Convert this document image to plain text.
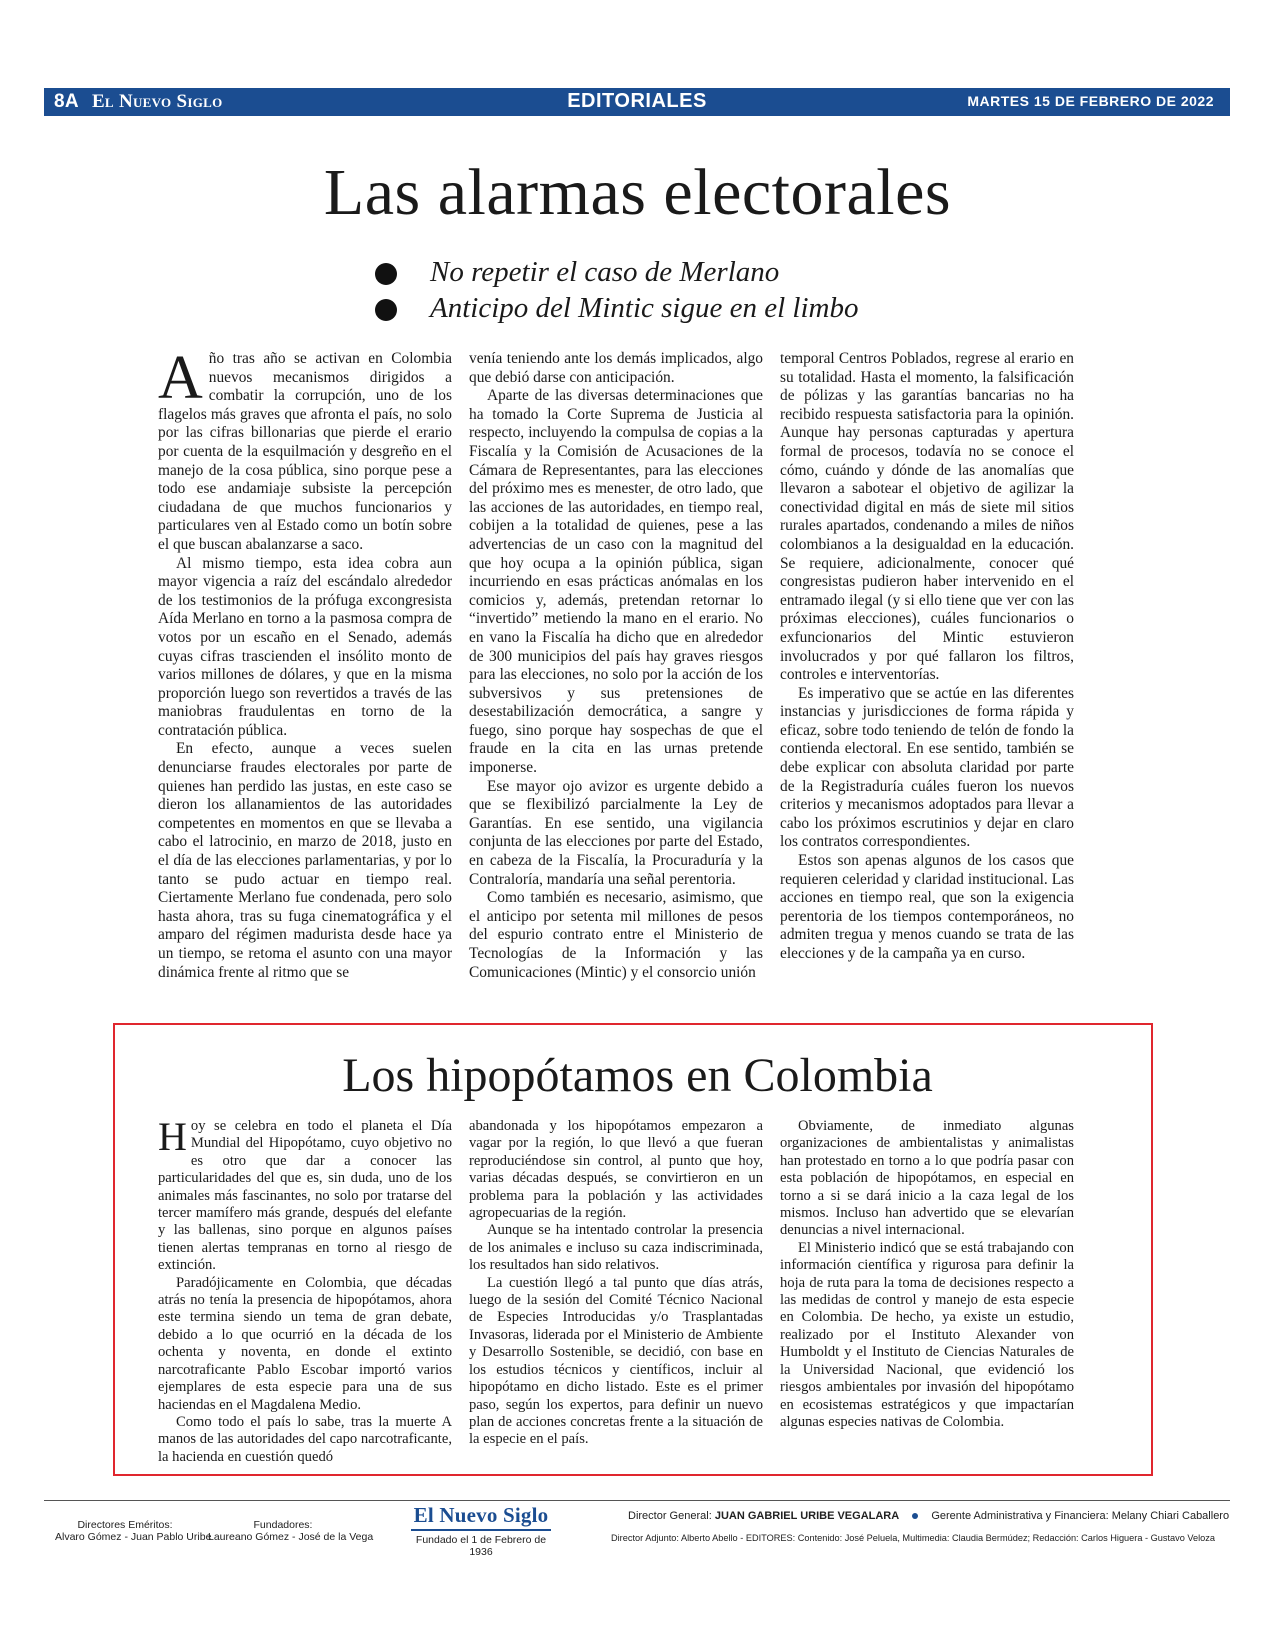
8A El Nuevo Siglo	EDITORIALES	MARTES 15 DE FEBRERO DE 2022
Las alarmas electorales
No repetir el caso de Merlano
Anticipo del Mintic sigue en el limbo

Año tras año se activan en Colombia nuevos mecanismos dirigidos a combatir la corrupción, uno de los flagelos más graves que afronta el país, no solo por las cifras billonarias que pierde el erario por cuenta de la esquilmación y desgreño en el manejo de la cosa pública, sino porque pese a todo ese andamiaje subsiste la percepción ciudadana de que muchos funcionarios y particulares ven al Estado como un botín sobre el que buscan abalanzarse a saco.

Al mismo tiempo, esta idea cobra aun mayor vigencia a raíz del escándalo alrededor de los testimonios de la prófuga excongresista Aída Merlano en torno a la pasmosa compra de votos por un escaño en el Senado, además cuyas cifras trascienden el insólito monto de varios millones de dólares, y que en la misma proporción luego son revertidos a través de las maniobras fraudulentas en torno de la contratación pública.

En efecto, aunque a veces suelen denunciarse fraudes electorales por parte de quienes han perdido las justas, en este caso se dieron los allanamientos de las autoridades competentes en momentos en que se llevaba a cabo el latrocinio, en marzo de 2018, justo en el día de las elecciones parlamentarias, y por lo tanto se pudo actuar en tiempo real. Ciertamente Merlano fue condenada, pero solo hasta ahora, tras su fuga cinematográfica y el amparo del régimen madurista desde hace ya un tiempo, se retoma el asunto con una mayor dinámica frente al ritmo que se

venía teniendo ante los demás implicados, algo que debió darse con anticipación.

Aparte de las diversas determinaciones que ha tomado la Corte Suprema de Justicia al respecto, incluyendo la compulsa de copias a la Fiscalía y la Comisión de Acusaciones de la Cámara de Representantes, para las elecciones del próximo mes es menester, de otro lado, que las acciones de las autoridades, en tiempo real, cobijen a la totalidad de quienes, pese a las advertencias de un caso con la magnitud del que hoy ocupa a la opinión pública, sigan incurriendo en esas prácticas anómalas en los comicios y, además, pretendan retornar lo “invertido” metiendo la mano en el erario. No en vano la Fiscalía ha dicho que en alrededor de 300 municipios del país hay graves riesgos para las elecciones, no solo por la acción de los subversivos y sus pretensiones de desestabilización democrática, a sangre y fuego, sino porque hay sospechas de que el fraude en la cita en las urnas pretende imponerse.

Ese mayor ojo avizor es urgente debido a que se flexibilizó parcialmente la Ley de Garantías. En ese sentido, una vigilancia conjunta de las elecciones por parte del Estado, en cabeza de la Fiscalía, la Procuraduría y la Contraloría, mandaría una señal perentoria.

Como también es necesario, asimismo, que el anticipo por setenta mil millones de pesos del espurio contrato entre el Ministerio de Tecnologías de la Información y las Comunicaciones (Mintic) y el consorcio unión

temporal Centros Poblados, regrese al erario en su totalidad. Hasta el momento, la falsificación de pólizas y las garantías bancarias no ha recibido respuesta satisfactoria para la opinión. Aunque hay personas capturadas y apertura formal de procesos, todavía no se conoce el cómo, cuándo y dónde de las anomalías que llevaron a sabotear el objetivo de agilizar la conectividad digital en más de siete mil sitios rurales apartados, condenando a miles de niños colombianos a la desigualdad en la educación. Se requiere, adicionalmente, conocer qué congresistas pudieron haber intervenido en el entramado ilegal (y si ello tiene que ver con las próximas elecciones), cuáles funcionarios o exfuncionarios del Mintic estuvieron involucrados y por qué fallaron los filtros, controles e interventorías.

Es imperativo que se actúe en las diferentes instancias y jurisdicciones de forma rápida y eficaz, sobre todo teniendo de telón de fondo la contienda electoral. En ese sentido, también se debe explicar con absoluta claridad por parte de la Registraduría cuáles fueron los nuevos criterios y mecanismos adoptados para llevar a cabo los próximos escrutinios y dejar en claro los contratos correspondientes.

Estos son apenas algunos de los casos que requieren celeridad y claridad institucional. Las acciones en tiempo real, que son la exigencia perentoria de los tiempos contemporáneos, no admiten tregua y menos cuando se trata de las elecciones y de la campaña ya en curso.

Los hipopótamos en Colombia

Hoy se celebra en todo el planeta el Día Mundial del Hipopótamo, cuyo objetivo no es otro que dar a conocer las particularidades del que es, sin duda, uno de los animales más fascinantes, no solo por tratarse del tercer mamífero más grande, después del elefante y las ballenas, sino porque en algunos países tienen alertas tempranas en torno al riesgo de extinción.

Paradójicamente en Colombia, que décadas atrás no tenía la presencia de hipopótamos, ahora este termina siendo un tema de gran debate, debido a lo que ocurrió en la década de los ochenta y noventa, en donde el extinto narcotraficante Pablo Escobar importó varios ejemplares de esta especie para una de sus haciendas en el Magdalena Medio.

Como todo el país lo sabe, tras la muerte A manos de las autoridades del capo narcotraficante, la hacienda en cuestión quedó

abandonada y los hipopótamos empezaron a vagar por la región, lo que llevó a que fueran reproduciéndose sin control, al punto que hoy, varias décadas después, se convirtieron en un problema para la población y las actividades agropecuarias de la región.

Aunque se ha intentado controlar la presencia de los animales e incluso su caza indiscriminada, los resultados han sido relativos.

La cuestión llegó a tal punto que días atrás, luego de la sesión del Comité Técnico Nacional de Especies Introducidas y/o Trasplantadas Invasoras, liderada por el Ministerio de Ambiente y Desarrollo Sostenible, se decidió, con base en los estudios técnicos y científicos, incluir al hipopótamo en dicho listado. Este es el primer paso, según los expertos, para definir un nuevo plan de acciones concretas frente a la situación de la especie en el país.

Obviamente, de inmediato algunas organizaciones de ambientalistas y animalistas han protestado en torno a lo que podría pasar con esta población de hipopótamos, en especial en torno a si se dará inicio a la caza legal de los mismos. Incluso han advertido que se elevarían denuncias a nivel internacional.

El Ministerio indicó que se está trabajando con información científica y rigurosa para definir la hoja de ruta para la toma de decisiones respecto a las medidas de control y manejo de esta especie en Colombia. De hecho, ya existe un estudio, realizado por el Instituto Alexander von Humboldt y el Instituto de Ciencias Naturales de la Universidad Nacional, que evidenció los riesgos ambientales por invasión del hipopótamo en ecosistemas estratégicos y que impactarían algunas especies nativas de Colombia.

Directores Eméritos:
Alvaro Gómez - Juan Pablo Uribe
Fundadores:
Laureano Gómez - José de la Vega
El Nuevo Siglo
Fundado el 1 de Febrero de 1936
Director General: JUAN GABRIEL URIBE VEGALARA	Gerente Administrativa y Financiera: Melany Chiari Caballero
Director Adjunto: Alberto Abello - EDITORES: Contenido: José Peluela, Multimedia: Claudia Bermúdez; Redacción: Carlos Higuera - Gustavo Veloza
